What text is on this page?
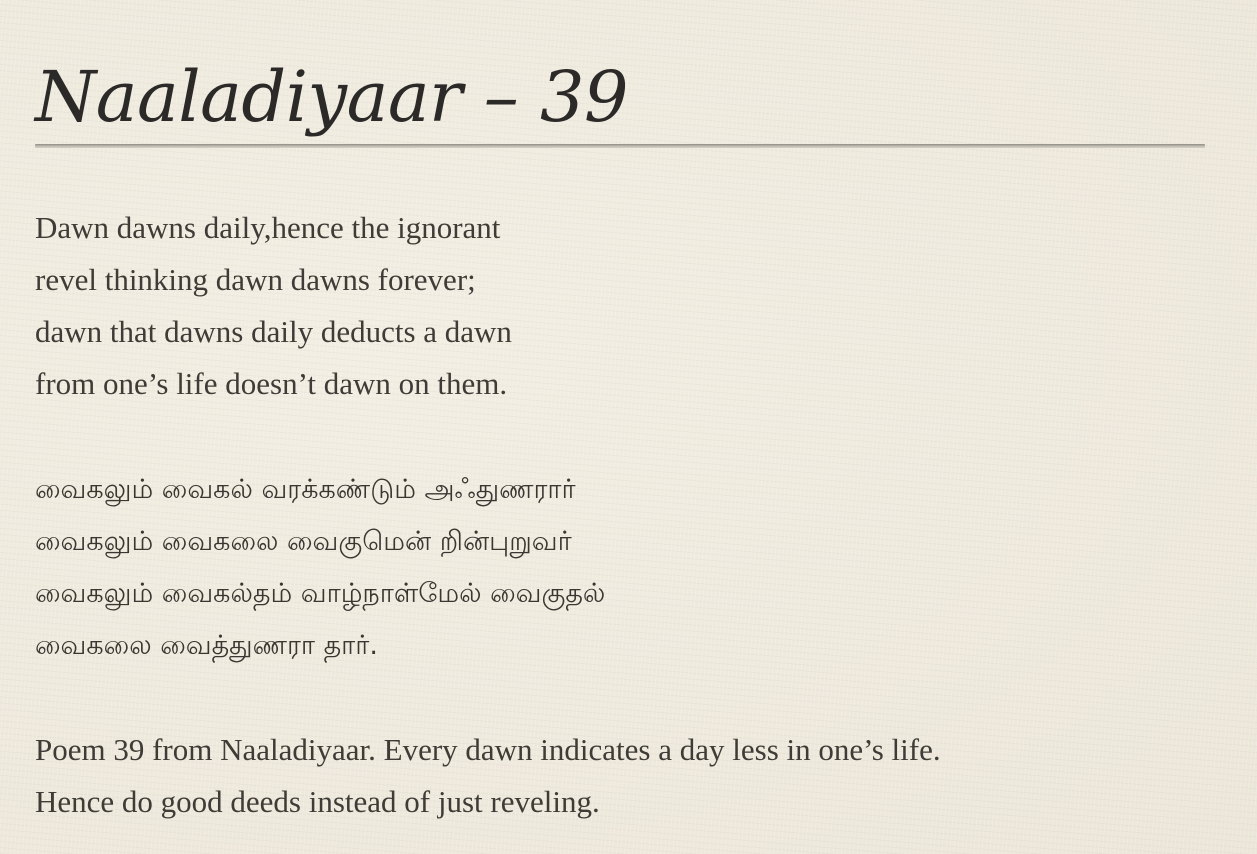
Naaladiyaar – 39
Dawn dawns daily,hence the ignorant
revel thinking dawn dawns forever;
dawn that dawns daily deducts a dawn
from one’s life doesn’t dawn on them.
வைகலும் வைகல் வரக்கண்டும் அஃதுணரார்
வைகலும் வைகலை வைகுமென் றின்புறுவர்
வைகலும் வைகல்தம் வாழ்நாள்மேல் வைகுதல்
வைகலை வைத்துணரா தார்.
Poem 39 from Naaladiyaar. Every dawn indicates a day less in one’s life.
Hence do good deeds instead of just reveling.
